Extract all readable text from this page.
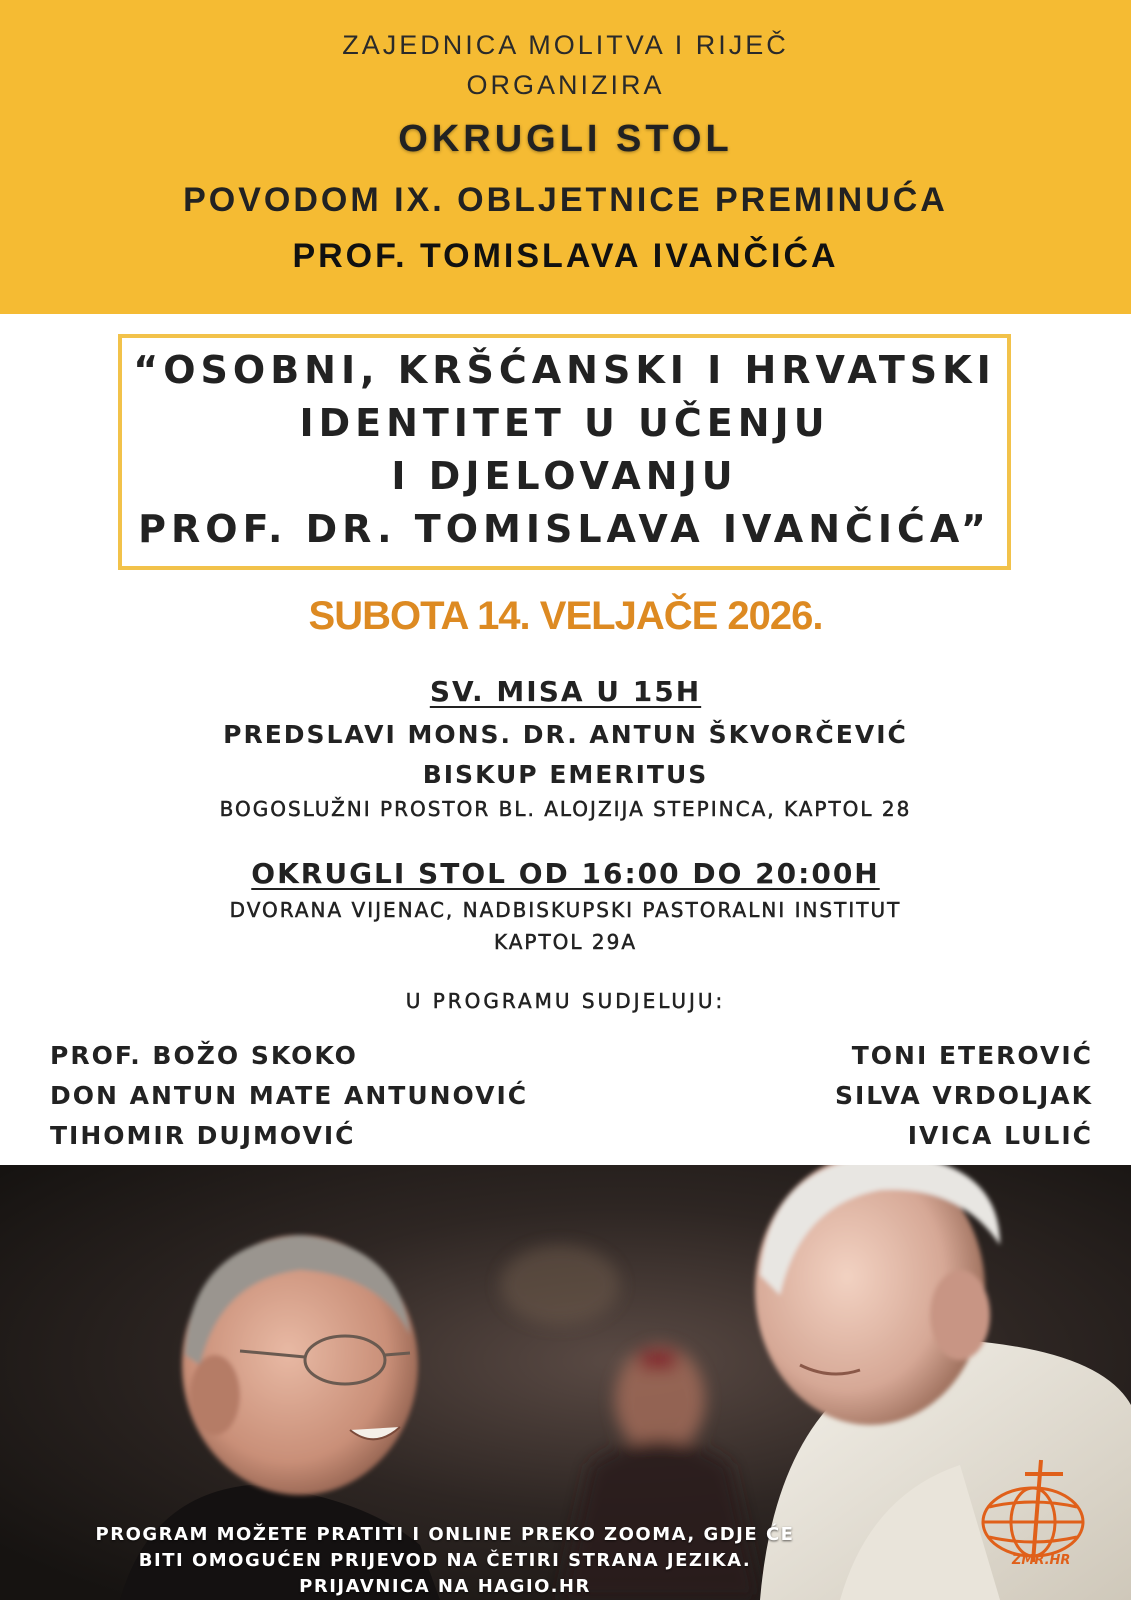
ZAJEDNICA MOLITVA I RIJEČ
ORGANIZIRA
OKRUGLI STOL
POVODOM IX. OBLJETNICE PREMINUĆA
PROF. TOMISLAVA IVANČIĆA
“OSOBNI, KRŠĆANSKI I HRVATSKI
IDENTITET U UČENJU
I DJELOVANJU
PROF. DR. TOMISLAVA IVANČIĆA”
SUBOTA 14. VELJAČE 2026.
SV. MISA U 15H
PREDSLAVI MONS. DR. ANTUN ŠKVORČEVIĆ
BISKUP EMERITUS
BOGOSLUŽNI PROSTOR BL. ALOJZIJA STEPINCA, KAPTOL 28
OKRUGLI STOL OD 16:00 DO 20:00H
DVORANA VIJENAC, NADBISKUPSKI PASTORALNI INSTITUT
KAPTOL 29A
U PROGRAMU SUDJELUJU:
PROF. BOŽO SKOKO
DON ANTUN MATE ANTUNOVIĆ
TIHOMIR DUJMOVIĆ
TONI ETEROVIĆ
SILVA VRDOLJAK
IVICA LULIĆ
ZMR.HR
PROGRAM MOŽETE PRATITI I ONLINE PREKO ZOOMA, GDJE ĆE
BITI OMOGUĆEN PRIJEVOD NA ČETIRI STRANA JEZIKA.
PRIJAVNICA NA HAGIO.HR
